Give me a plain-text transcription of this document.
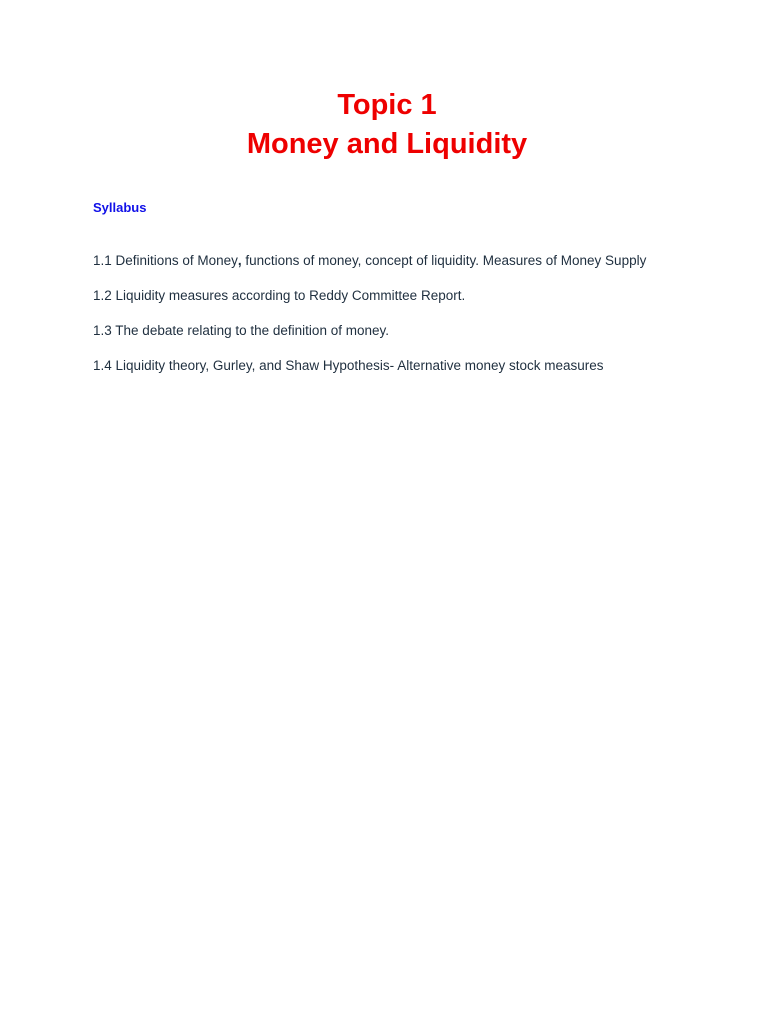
Topic 1
Money and Liquidity
Syllabus
1.1 Definitions of Money, functions of money, concept of liquidity. Measures of Money Supply
1.2 Liquidity measures according to Reddy Committee Report.
1.3 The debate relating to the definition of money.
1.4 Liquidity theory, Gurley, and Shaw Hypothesis- Alternative money stock measures
